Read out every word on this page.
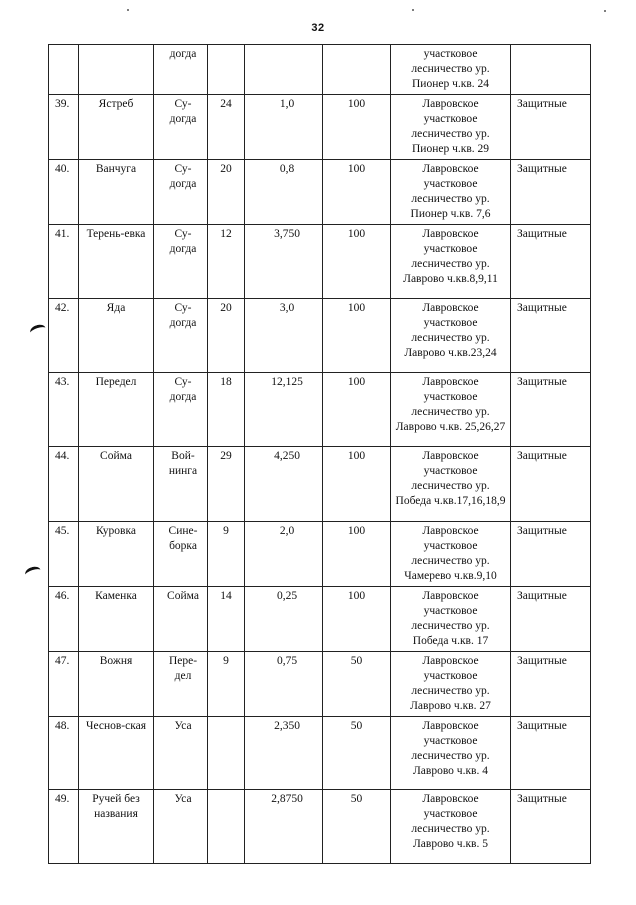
32
		догда				участковое лесничество ур. Пионер ч.кв. 24	
39.	Ястреб	Су-догда	24	1,0	100	Лавровское участковое лесничество ур. Пионер ч.кв. 29	Защитные
40.	Ванчуга	Су-догда	20	0,8	100	Лавровское участковое лесничество ур. Пионер ч.кв. 7,6	Защитные
41.	Терень-евка	Су-догда	12	3,750	100	Лавровское участковое лесничество ур. Лаврово ч.кв.8,9,11	Защитные
42.	Яда	Су-догда	20	3,0	100	Лавровское участковое лесничество ур. Лаврово ч.кв.23,24	Защитные
43.	Передел	Су-догда	18	12,125	100	Лавровское участковое лесничество ур. Лаврово ч.кв. 25,26,27	Защитные
44.	Сойма	Вой-нинга	29	4,250	100	Лавровское участковое лесничество ур. Победа ч.кв.17,16,18,9	Защитные
45.	Куровка	Сине-борка	9	2,0	100	Лавровское участковое лесничество ур. Чамерево ч.кв.9,10	Защитные
46.	Каменка	Сойма	14	0,25	100	Лавровское участковое лесничество ур. Победа ч.кв. 17	Защитные
47.	Вожня	Пере-дел	9	0,75	50	Лавровское участковое лесничество ур. Лаврово ч.кв. 27	Защитные
48.	Чеснов-ская	Уса		2,350	50	Лавровское участковое лесничество ур. Лаврово ч.кв. 4	Защитные
49.	Ручей без названия	Уса		2,8750	50	Лавровское участковое лесничество ур. Лаврово ч.кв. 5	Защитные
